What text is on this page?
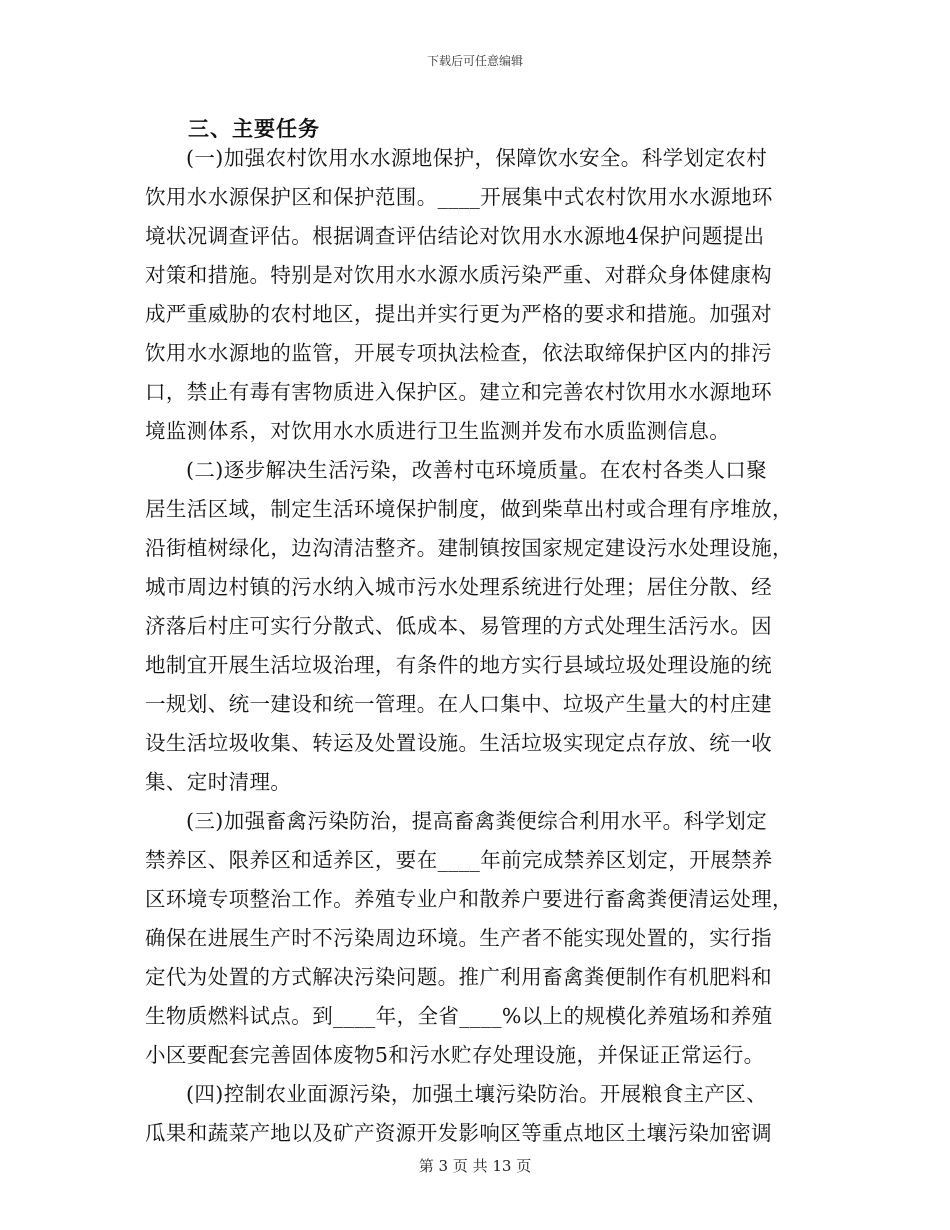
下载后可任意编辑
三、主要任务
(一)加强农村饮用水水源地保护，保障饮水安全。科学划定农村
饮用水水源保护区和保护范围。____开展集中式农村饮用水水源地环
境状况调查评估。根据调查评估结论对饮用水水源地4保护问题提出
对策和措施。特别是对饮用水水源水质污染严重、对群众身体健康构
成严重威胁的农村地区，提出并实行更为严格的要求和措施。加强对
饮用水水源地的监管，开展专项执法检查，依法取缔保护区内的排污
口，禁止有毒有害物质进入保护区。建立和完善农村饮用水水源地环
境监测体系，对饮用水水质进行卫生监测并发布水质监测信息。
(二)逐步解决生活污染，改善村屯环境质量。在农村各类人口聚
居生活区域，制定生活环境保护制度，做到柴草出村或合理有序堆放，
沿街植树绿化，边沟清洁整齐。建制镇按国家规定建设污水处理设施，
城市周边村镇的污水纳入城市污水处理系统进行处理；居住分散、经
济落后村庄可实行分散式、低成本、易管理的方式处理生活污水。因
地制宜开展生活垃圾治理，有条件的地方实行县域垃圾处理设施的统
一规划、统一建设和统一管理。在人口集中、垃圾产生量大的村庄建
设生活垃圾收集、转运及处置设施。生活垃圾实现定点存放、统一收
集、定时清理。
(三)加强畜禽污染防治，提高畜禽粪便综合利用水平。科学划定
禁养区、限养区和适养区，要在____年前完成禁养区划定，开展禁养
区环境专项整治工作。养殖专业户和散养户要进行畜禽粪便清运处理，
确保在进展生产时不污染周边环境。生产者不能实现处置的，实行指
定代为处置的方式解决污染问题。推广利用畜禽粪便制作有机肥料和
生物质燃料试点。到____年，全省____%以上的规模化养殖场和养殖
小区要配套完善固体废物5和污水贮存处理设施，并保证正常运行。
(四)控制农业面源污染，加强土壤污染防治。开展粮食主产区、
瓜果和蔬菜产地以及矿产资源开发影响区等重点地区土壤污染加密调
第 3 页 共 13 页
